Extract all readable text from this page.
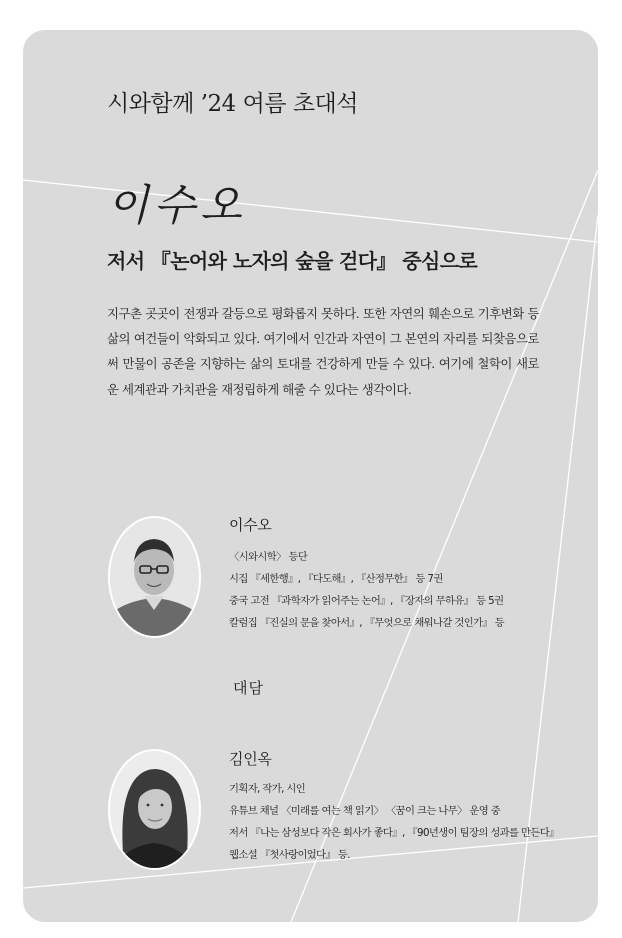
시와함께 ’24 여름 초대석
이수오
저서 『논어와 노자의 숲을 걷다』 중심으로

지구촌 곳곳이 전쟁과 갈등으로 평화롭지 못하다. 또한 자연의 훼손으로 기후변화 등 삶의 여건들이 악화되고 있다. 여기에서 인간과 자연이 그 본연의 자리를 되찾음으로써 만물이 공존을 지향하는 삶의 토대를 건강하게 만들 수 있다. 여기에 철학이 새로운 세계관과 가치관을 재정립하게 해줄 수 있다는 생각이다.

이수오
〈시와시학〉 등단
시집 『세한행』, 『다도해』, 『산정무한』 등 7권
중국 고전 『과학자가 읽어주는 논어』, 『장자의 무하유』 등 5권
칼럼집 『진실의 문을 찾아서』, 『무엇으로 채워나갈 것인가』 등
대담
김인옥
기획자, 작가, 시인
유튜브 채널 〈미래를 여는 책 읽기〉 〈꿈이 크는 나무〉 운영 중
저서 『나는 삼성보다 작은 회사가 좋다』, 『90년생이 팀장의 성과를 만든다』
웹소설 『첫사랑이었다』 등.
